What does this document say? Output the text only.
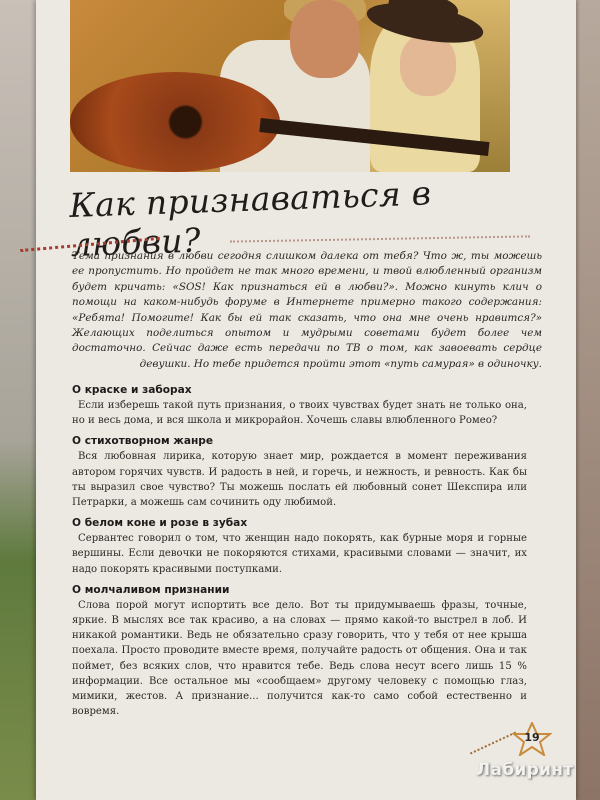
Как признаваться в любви?

Тема признания в любви сегодня слишком далека от тебя? Что ж, ты можешь ее пропустить. Но пройдет не так много времени, и твой влюбленный организм будет кричать: «SOS! Как признаться ей в любви?». Можно кинуть клич о помощи на каком-нибудь форуме в Интернете примерно такого содержания: «Ребята! Помогите! Как бы ей так сказать, что она мне очень нравится?» Желающих поделиться опытом и мудрыми советами будет более чем достаточно. Сейчас даже есть передачи по ТВ о том, как завоевать сердце девушки. Но тебе придется пройти этот «путь самурая» в одиночку.

О краске и заборах

Если изберешь такой путь признания, о твоих чувствах будет знать не только она, но и весь дома, и вся школа и микрорайон. Хочешь славы влюбленного Ромео?

О стихотворном жанре

Вся любовная лирика, которую знает мир, рождается в момент переживания автором горячих чувств. И радость в ней, и горечь, и нежность, и ревность. Как бы ты выразил свое чувство? Ты можешь послать ей любовный сонет Шекспира или Петрарки, а можешь сам сочинить оду любимой.

О белом коне и розе в зубах

Сервантес говорил о том, что женщин надо покорять, как бурные моря и горные вершины. Если девочки не покоряются стихами, красивыми словами — значит, их надо покорять красивыми поступками.

О молчаливом признании

Слова порой могут испортить все дело. Вот ты придумываешь фразы, точные, яркие. В мыслях все так красиво, а на словах — прямо какой-то выстрел в лоб. И никакой романтики. Ведь не обязательно сразу говорить, что у тебя от нее крыша поехала. Просто проводите вместе время, получайте радость от общения. Она и так поймет, без всяких слов, что нравится тебе. Ведь слова несут всего лишь 15 % информации. Все остальное мы «сообщаем» другому человеку с помощью глаз, мимики, жестов. А признание... получится как-то само собой естественно и вовремя.

19
Лабиринт
